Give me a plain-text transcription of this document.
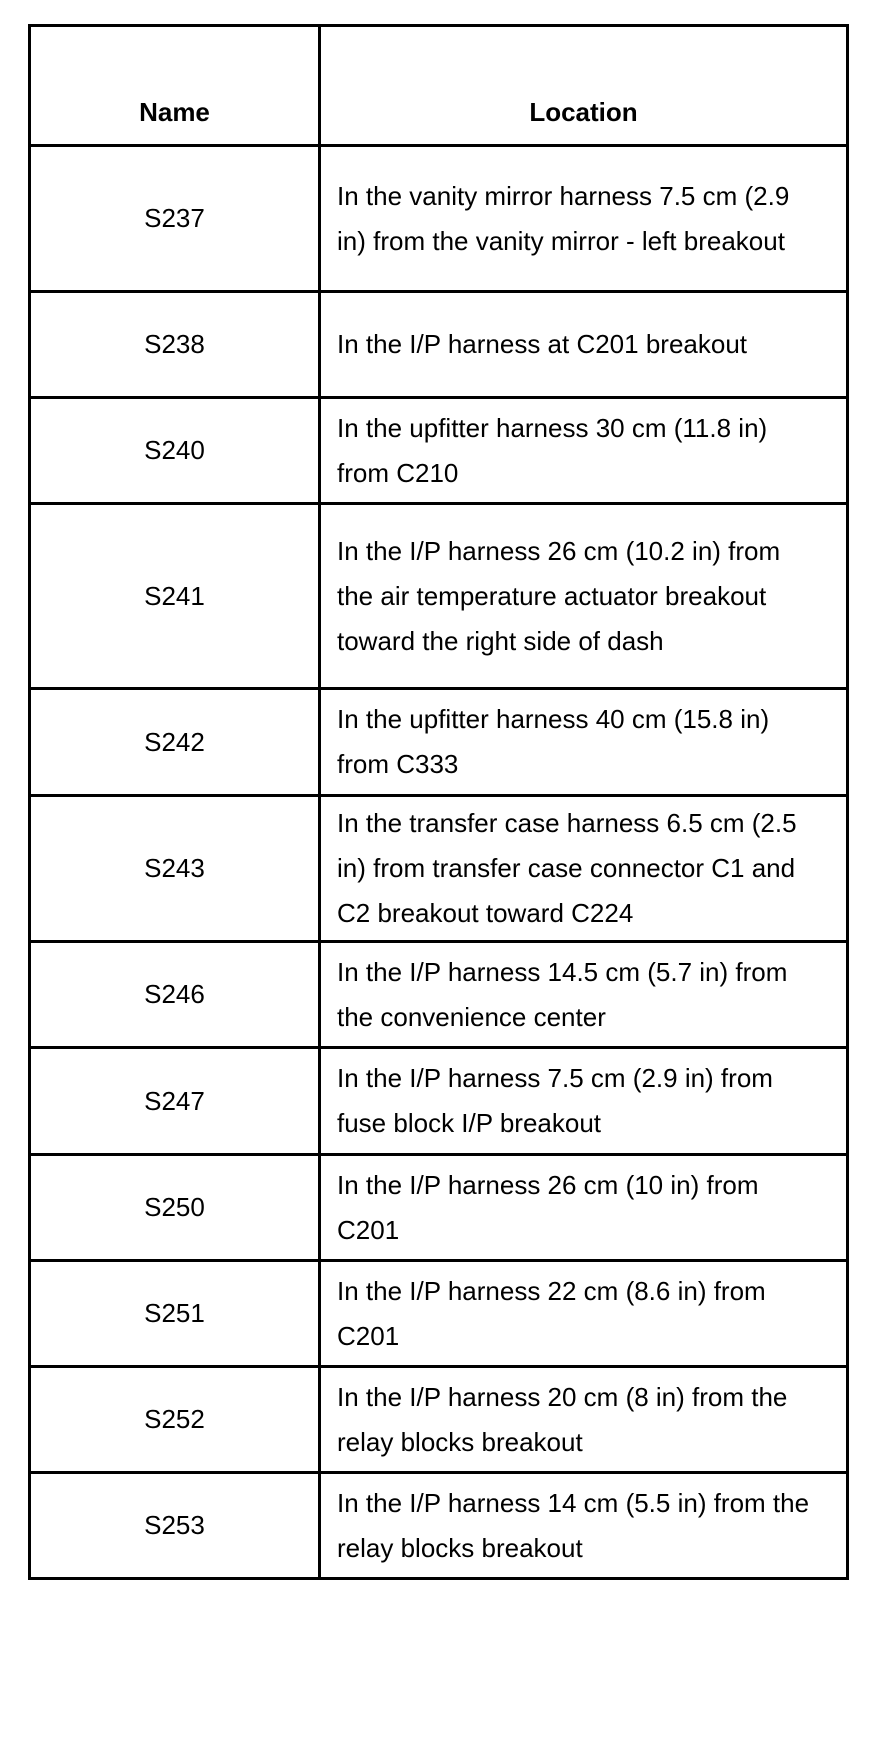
Name	Location
S237	In the vanity mirror harness 7.5 cm (2.9 in) from the vanity mirror - left breakout
S238	In the I/P harness at C201 breakout
S240	In the upfitter harness 30 cm (11.8 in) from C210
S241	In the I/P harness 26 cm (10.2 in) from the air temperature actuator breakout toward the right side of dash
S242	In the upfitter harness 40 cm (15.8 in) from C333
S243	In the transfer case harness 6.5 cm (2.5 in) from transfer case connector C1 and C2 breakout toward C224
S246	In the I/P harness 14.5 cm (5.7 in) from the convenience center
S247	In the I/P harness 7.5 cm (2.9 in) from fuse block I/P breakout
S250	In the I/P harness 26 cm (10 in) from C201
S251	In the I/P harness 22 cm (8.6 in) from C201
S252	In the I/P harness 20 cm (8 in) from the relay blocks breakout
S253	In the I/P harness 14 cm (5.5 in) from the relay blocks breakout
